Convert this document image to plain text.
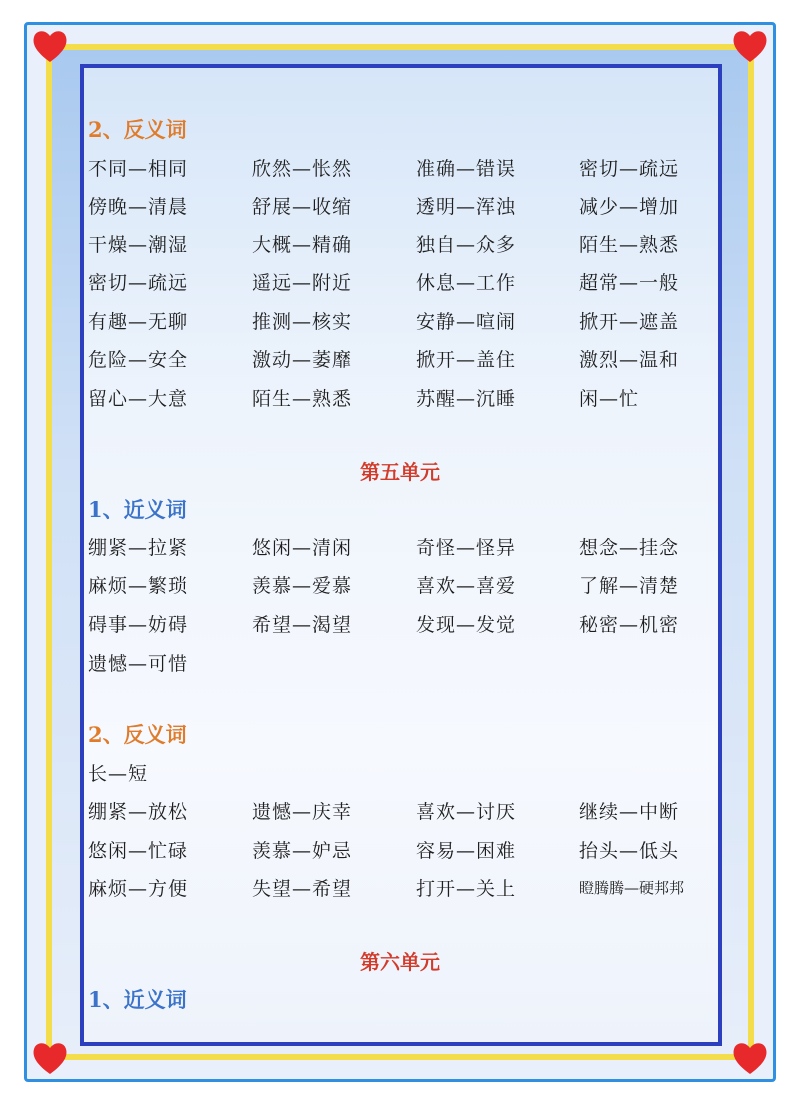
2、反义词
不同—相同	欣然—怅然	准确—错误	密切—疏远
傍晚—清晨	舒展—收缩	透明—浑浊	减少—增加
干燥—潮湿	大概—精确	独自—众多	陌生—熟悉
密切—疏远	遥远—附近	休息—工作	超常—一般
有趣—无聊	推测—核实	安静—喧闹	掀开—遮盖
危险—安全	激动—萎靡	掀开—盖住	激烈—温和
留心—大意	陌生—熟悉	苏醒—沉睡	闲—忙
第五单元
1、近义词
绷紧—拉紧	悠闲—清闲	奇怪—怪异	想念—挂念
麻烦—繁琐	羡慕—爱慕	喜欢—喜爱	了解—清楚
碍事—妨碍	希望—渴望	发现—发觉	秘密—机密
遗憾—可惜
2、反义词
长—短
绷紧—放松	遗憾—庆幸	喜欢—讨厌	继续—中断
悠闲—忙碌	羡慕—妒忌	容易—困难	抬头—低头
麻烦—方便	失望—希望	打开—关上	瞪腾腾—硬邦邦
第六单元
1、近义词
